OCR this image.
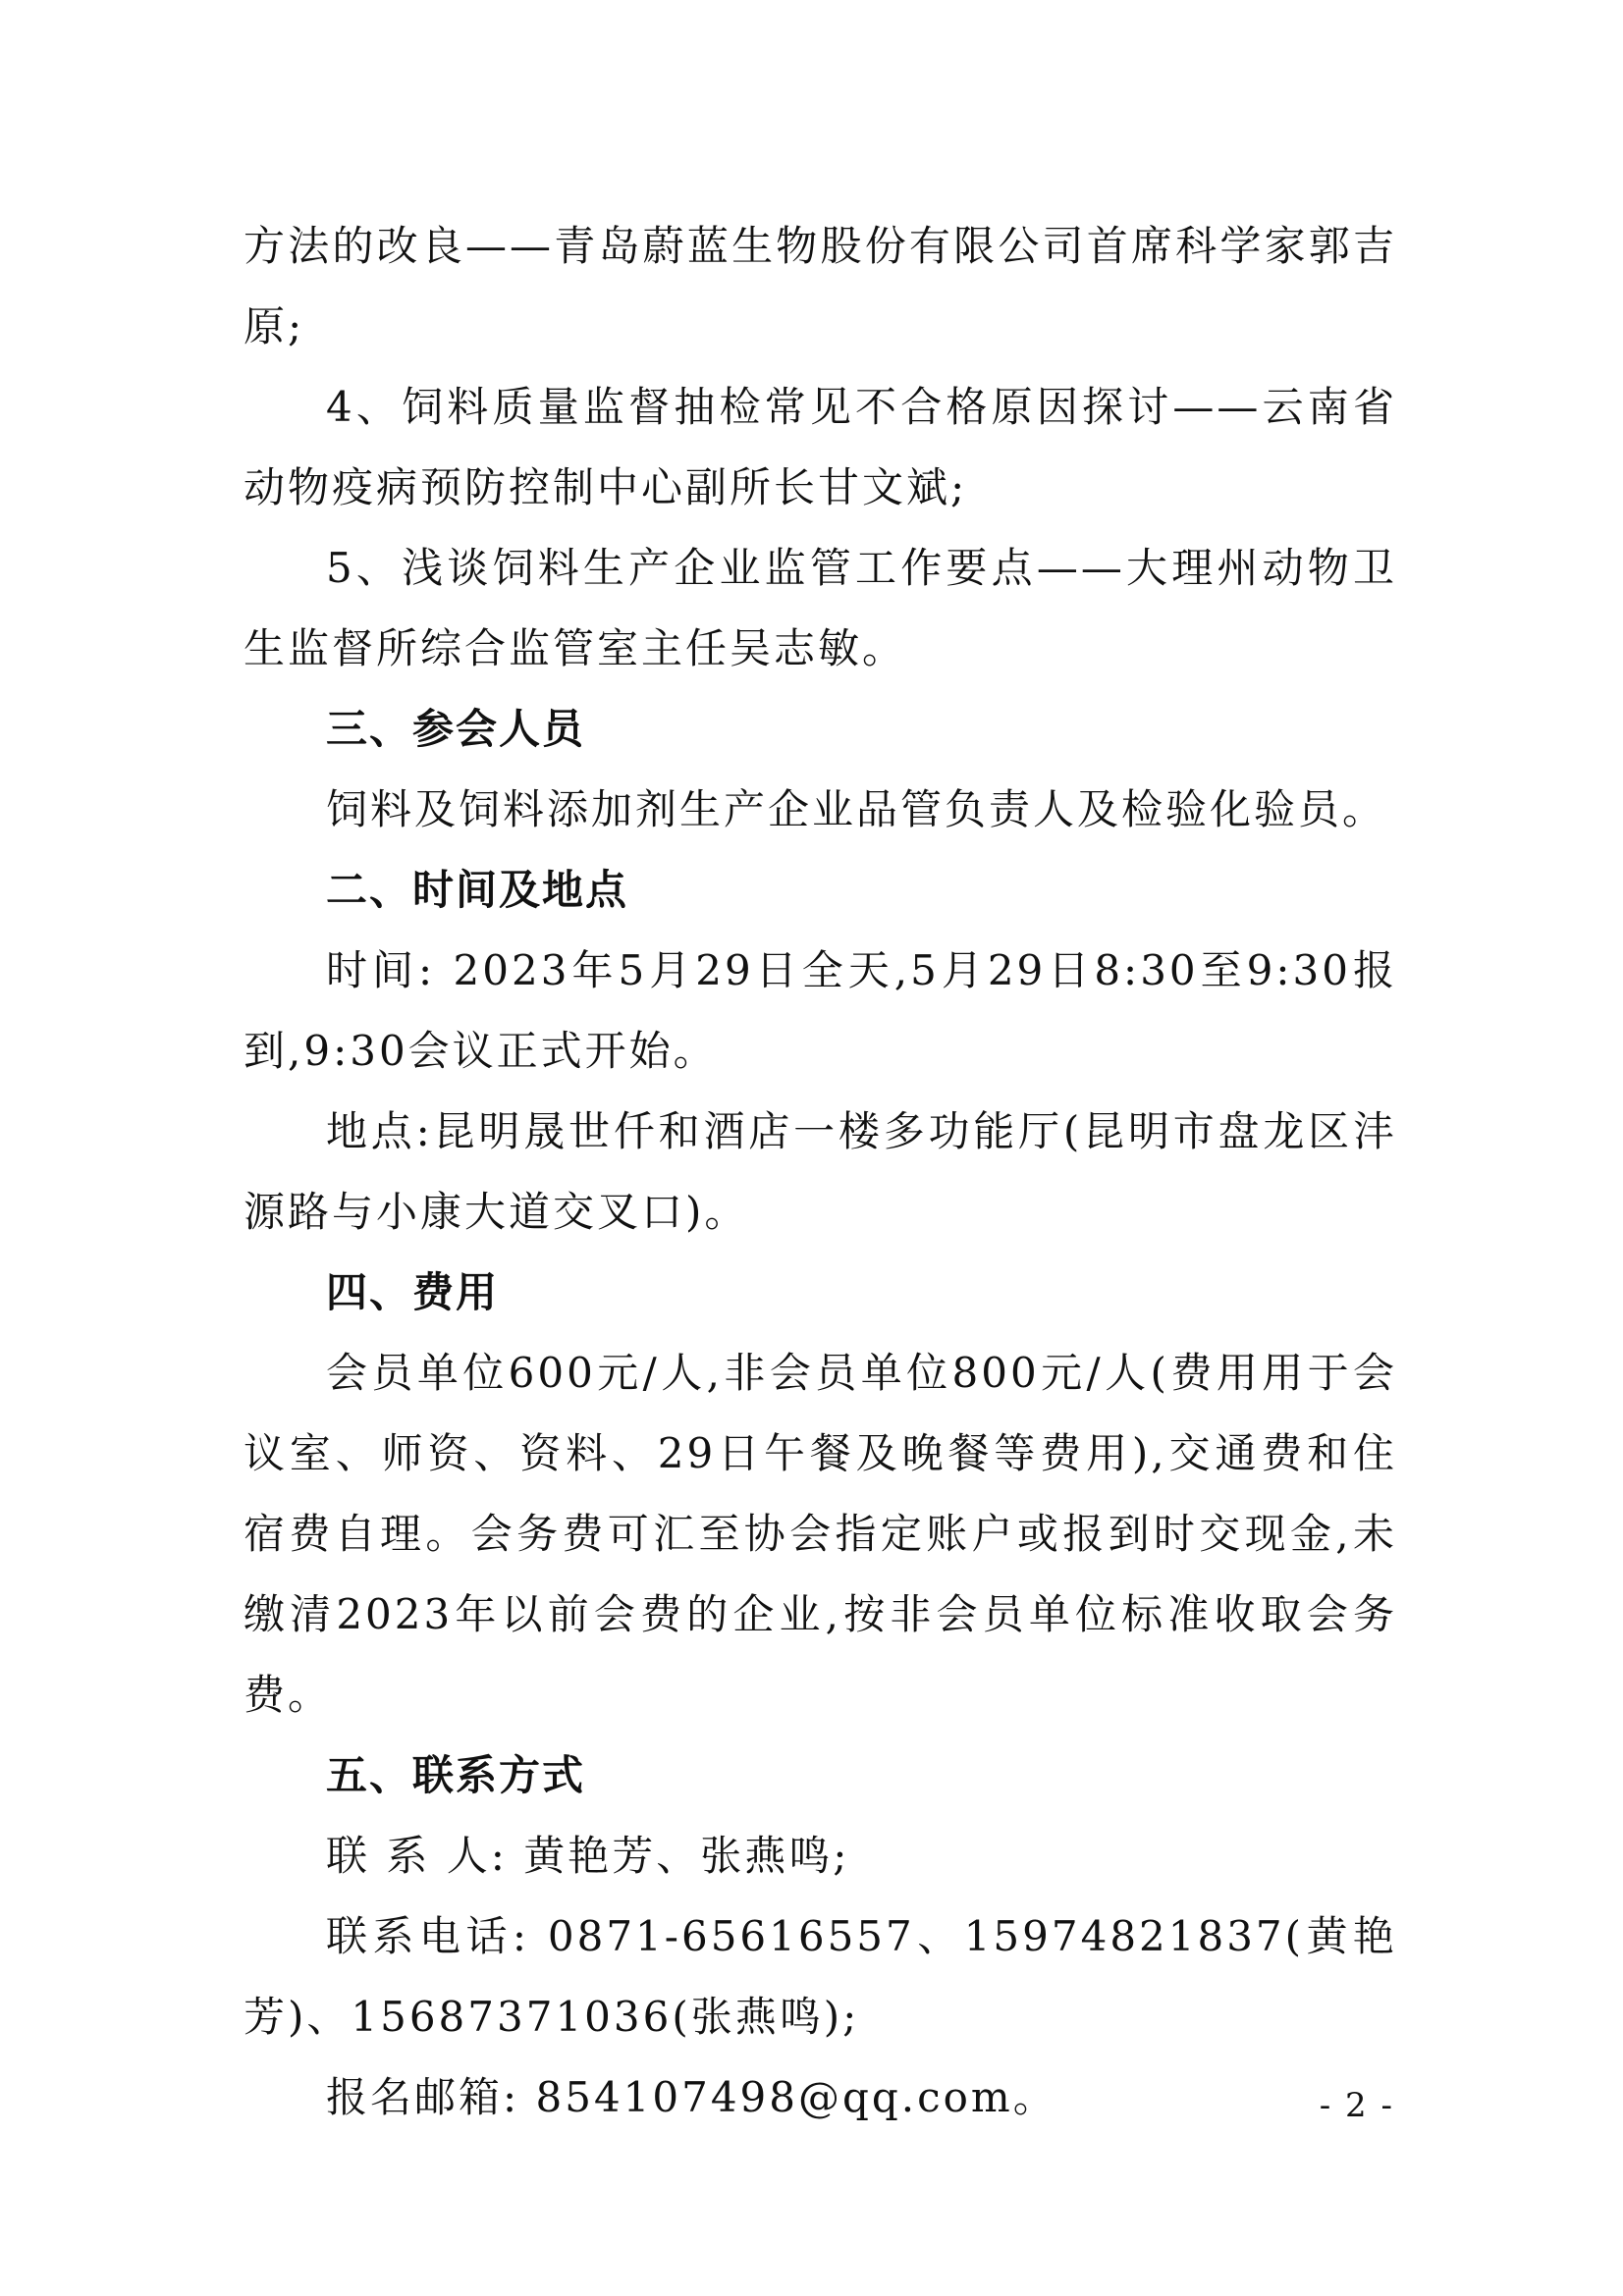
方法的改良——青岛蔚蓝生物股份有限公司首席科学家郭吉原;

4、饲料质量监督抽检常见不合格原因探讨——云南省动物疫病预防控制中心副所长甘文斌;

5、浅谈饲料生产企业监管工作要点——大理州动物卫生监督所综合监管室主任吴志敏。

三、参会人员

饲料及饲料添加剂生产企业品管负责人及检验化验员。

二、时间及地点

时间: 2023年5月29日全天,5月29日8:30至9:30报到,9:30会议正式开始。

地点:昆明晟世仟和酒店一楼多功能厅(昆明市盘龙区沣源路与小康大道交叉口)。

四、费用

会员单位600元/人,非会员单位800元/人(费用用于会议室、师资、资料、29日午餐及晚餐等费用),交通费和住宿费自理。会务费可汇至协会指定账户或报到时交现金,未缴清2023年以前会费的企业,按非会员单位标准收取会务费。

五、联系方式

联 系 人: 黄艳芳、张燕鸣;

联系电话: 0871-65616557、15974821837(黄艳芳)、15687371036(张燕鸣);

报名邮箱: 854107498@qq.com。	- 2 -
